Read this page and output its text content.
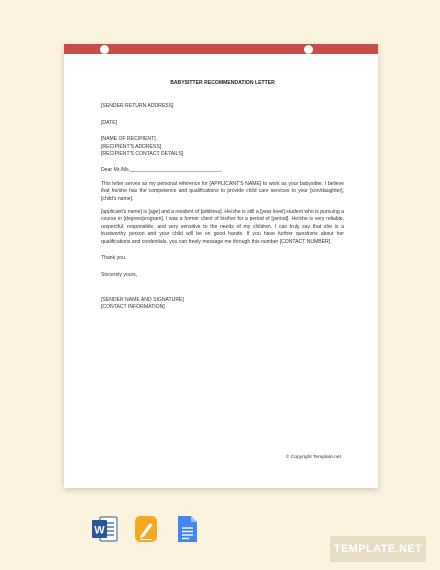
BABYSITTER RECOMMENDATION LETTER

[SENDER RETURN ADDRESS]

[DATE]

[NAME OF RECIPIENT]

[RECIPIENT'S ADDRESS]

[RECIPIENT'S CONTACT DETAILS]

Dear Mr./Ms.________________________________,

This letter serves as my personal reference for [APPLICANT'S NAME] to work as your babysitter. I believe that he/she has the competence and qualifications to provide child care services to your [son/daughter], [child's name].

[applicant's name] is [age] and a resident of [address]. He/she is still a [year level] student who is pursuing a course in [degree/program]. I was a former client of his/her for a period of [period]. He/she is very reliable, respectful, responsible, and very sensitive to the needs of my children. I can truly say that she is a trustworthy person and your child will be on good hands. If you have further questions about her qualifications and credentials, you can freely message me through this number [CONTACT NUMBER].

Thank you.

Sincerely yours,

[SENDER NAME AND SIGNATURE]

[CONTACT INFORMATION]

© Copyright Template.net
W
TEMPLATE.NET
